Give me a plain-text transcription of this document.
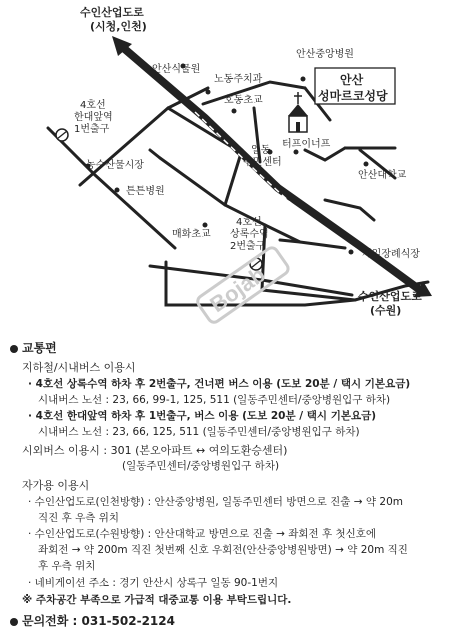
Bojab
수인산업도로
(시청,인천)
안산식물원
노동주치과
안산중앙병원
호동초교
안산
성마르코성당
4호선
한대앞역
1번출구
농수산물시장
일동
주민센터
터프이너프
안산대학교
튼튼병원
매화초교
4호선
상록수역
2번출구
제일장례식장
수인산업도로
(수원)
교통편
지하철/시내버스 이용시
· 4호선 상록수역 하차 후 2번출구, 건너편 버스 이용 (도보 20분 / 택시 기본요금)
시내버스 노선 : 23, 66, 99-1, 125, 511 (일동주민센터/중앙병원입구 하차)
· 4호선 한대앞역 하차 후 1번출구, 버스 이용 (도보 20분 / 택시 기본요금)
시내버스 노선 : 23, 66, 125, 511 (일동주민센터/중앙병원입구 하차)
시외버스 이용시 : 301 (본오아파트 ↔ 여의도환승센터)
(일동주민센터/중앙병원입구 하차)
자가용 이용시
· 수인산업도로(인천방향) : 안산중앙병원, 일동주민센터 방면으로 진출 → 약 20m
직진 후 우측 위치
· 수인산업도로(수원방향) : 안산대학교 방면으로 진출 → 좌회전 후 첫신호에
좌회전 → 약 200m 직진 첫번째 신호 우회전(안산중앙병원방면) → 약 20m 직진
후 우측 위치
· 네비게이션 주소 : 경기 안산시 상록구 일동 90-1번지
※ 주차공간 부족으로 가급적 대중교통 이용 부탁드립니다.
문의전화 : 031-502-2124
